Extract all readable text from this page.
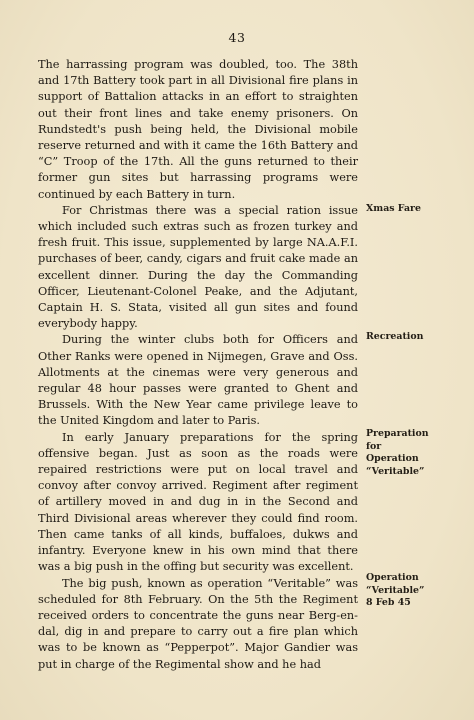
43

The harrassing program was doubled, too. The 38th and 17th Battery took part in all Divisional fire plans in support of Battalion attacks in an effort to straighten out their front lines and take enemy prisoners. On Rundstedt's push being held, the Divisional mobile reserve returned and with it came the 16th Battery and “C” Troop of the 17th. All the guns returned to their former gun sites but harrassing programs were continued by each Battery in turn.

For Christmas there was a special ration issue which included such extras such as frozen turkey and fresh fruit. This issue, supplemented by large NA.A.F.I. purchases of beer, candy, cigars and fruit cake made an excellent dinner. During the day the Commanding Officer, Lieutenant-Colonel Peake, and the Adjutant, Captain H. S. Stata, visited all gun sites and found everybody happy.

During the winter clubs both for Officers and Other Ranks were opened in Nijmegen, Grave and Oss. Allotments at the cinemas were very generous and regular 48 hour passes were granted to Ghent and Brussels. With the New Year came privilege leave to the United Kingdom and later to Paris.

In early January preparations for the spring offensive began. Just as soon as the roads were repaired restrictions were put on local travel and convoy after convoy arrived. Regiment after regiment of artillery moved in and dug in in the Second and Third Divisional areas wherever they could find room. Then came tanks of all kinds, buffaloes, dukws and infantry. Everyone knew in his own mind that there was a big push in the offing but security was excellent.

The big push, known as operation “Veritable” was scheduled for 8th February. On the 5th the Regiment received orders to concentrate the guns near Berg-en-dal, dig in and prepare to carry out a fire plan which was to be known as “Pepperpot”. Major Gandier was put in charge of the Regimental show and he had

Xmas Fare
Recreation
Preparation for Operation “Veritable”
Operation “Veritable” 8 Feb 45
